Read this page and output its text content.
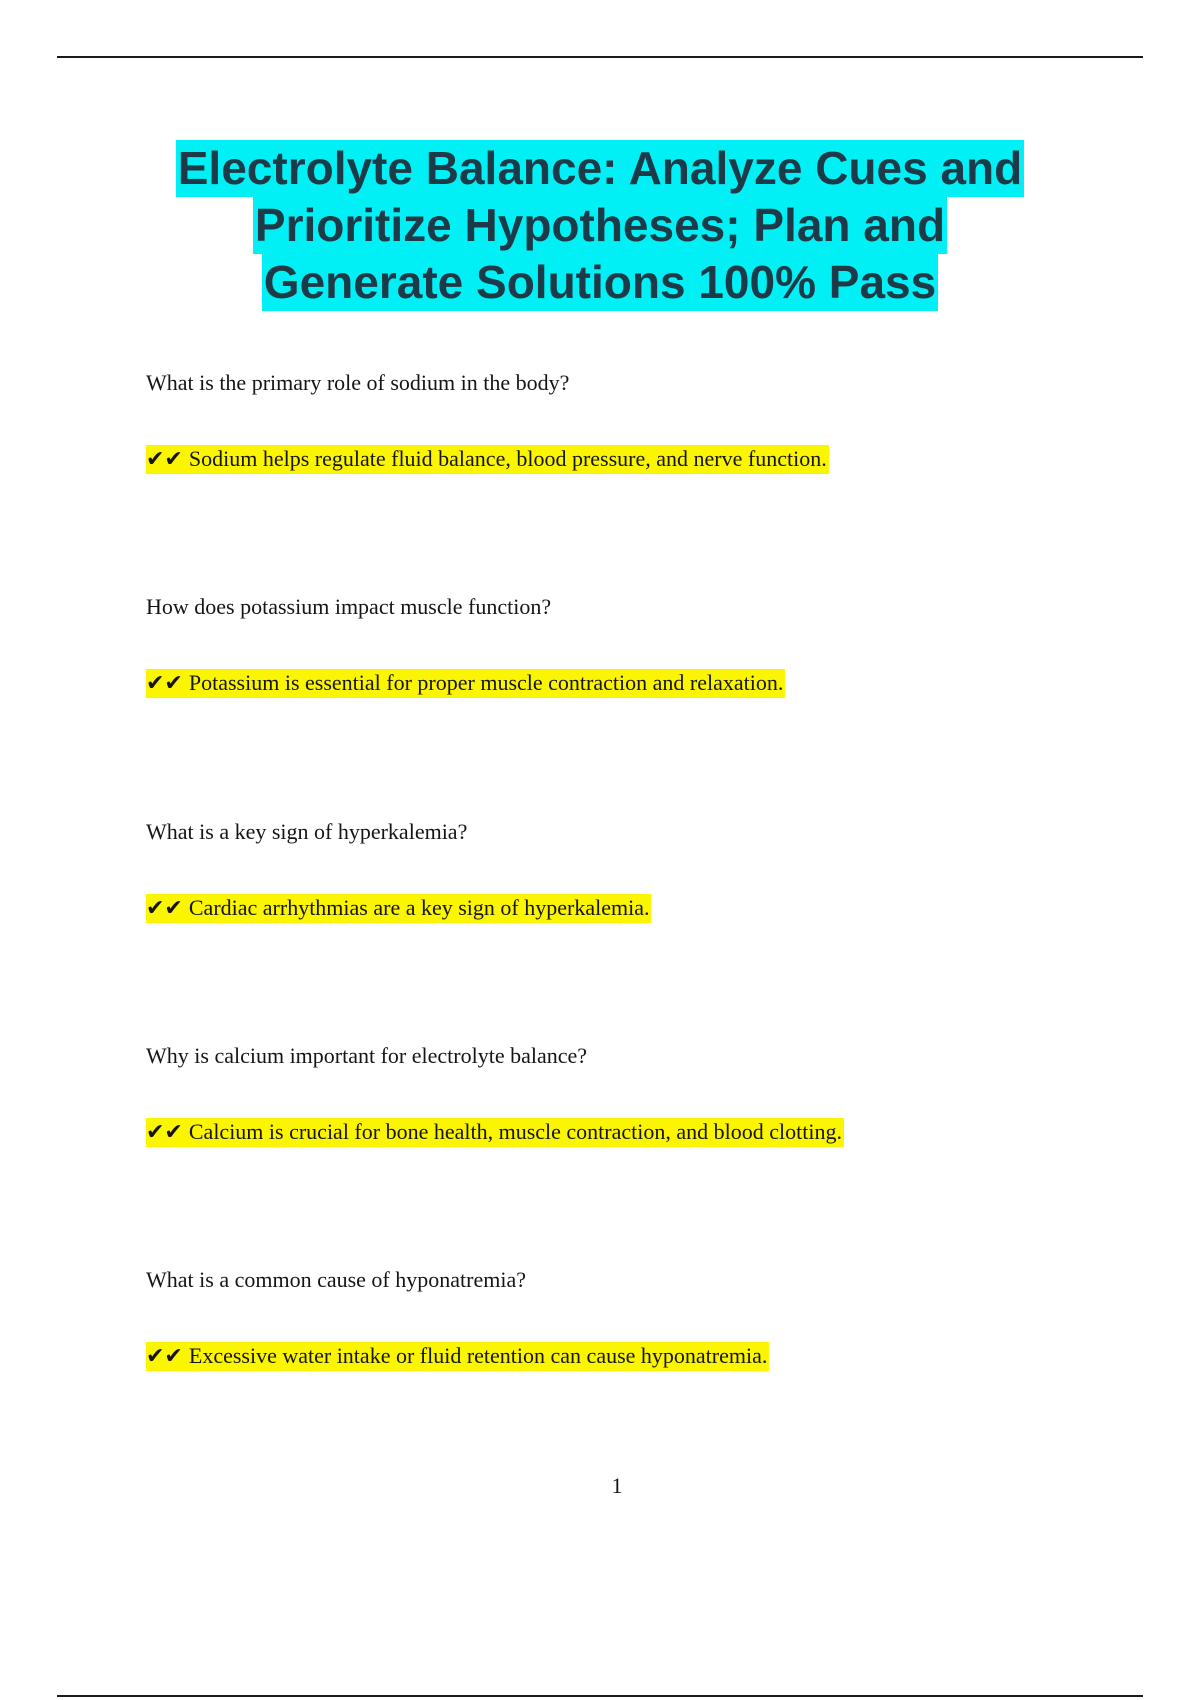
Electrolyte Balance: Analyze Cues and
Prioritize Hypotheses; Plan and
Generate Solutions 100% Pass
What is the primary role of sodium in the body?
✔✔ Sodium helps regulate fluid balance, blood pressure, and nerve function.
How does potassium impact muscle function?
✔✔ Potassium is essential for proper muscle contraction and relaxation.
What is a key sign of hyperkalemia?
✔✔ Cardiac arrhythmias are a key sign of hyperkalemia.
Why is calcium important for electrolyte balance?
✔✔ Calcium is crucial for bone health, muscle contraction, and blood clotting.
What is a common cause of hyponatremia?
✔✔ Excessive water intake or fluid retention can cause hyponatremia.
1
